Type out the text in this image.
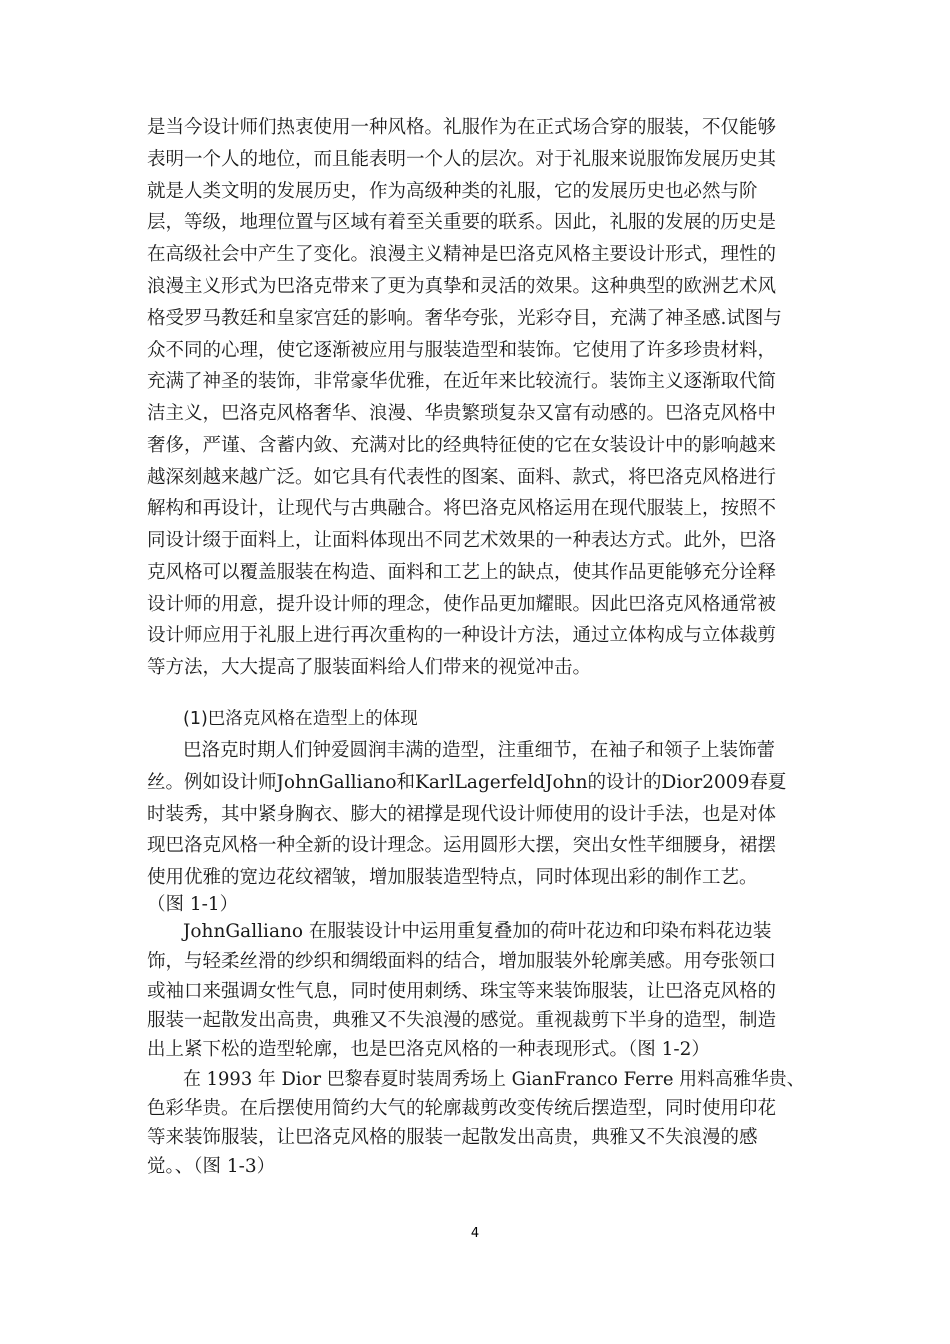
是当今设计师们热衷使用一种风格。礼服作为在正式场合穿的服装，不仅能够
表明一个人的地位，而且能表明一个人的层次。对于礼服来说服饰发展历史其
就是人类文明的发展历史，作为高级种类的礼服，它的发展历史也必然与阶
层，等级，地理位置与区域有着至关重要的联系。因此，礼服的发展的历史是
在高级社会中产生了变化。浪漫主义精神是巴洛克风格主要设计形式，理性的
浪漫主义形式为巴洛克带来了更为真挚和灵活的效果。这种典型的欧洲艺术风
格受罗马教廷和皇家宫廷的影响。奢华夸张，光彩夺目，充满了神圣感.试图与
众不同的心理，使它逐渐被应用与服装造型和装饰。它使用了许多珍贵材料，
充满了神圣的装饰，非常豪华优雅，在近年来比较流行。装饰主义逐渐取代简
洁主义，巴洛克风格奢华、浪漫、华贵繁琐复杂又富有动感的。巴洛克风格中
奢侈，严谨、含蓄内敛、充满对比的经典特征使的它在女装设计中的影响越来
越深刻越来越广泛。如它具有代表性的图案、面料、款式，将巴洛克风格进行
解构和再设计，让现代与古典融合。将巴洛克风格运用在现代服装上，按照不
同设计缀于面料上，让面料体现出不同艺术效果的一种表达方式。此外，巴洛
克风格可以覆盖服装在构造、面料和工艺上的缺点，使其作品更能够充分诠释
设计师的用意，提升设计师的理念，使作品更加耀眼。因此巴洛克风格通常被
设计师应用于礼服上进行再次重构的一种设计方法，通过立体构成与立体裁剪
等方法，大大提高了服装面料给人们带来的视觉冲击。
(1)巴洛克风格在造型上的体现
巴洛克时期人们钟爱圆润丰满的造型，注重细节，在袖子和领子上装饰蕾
丝。例如设计师JohnGalliano和KarlLagerfeldJohn的设计的Dior2009春夏
时装秀，其中紧身胸衣、膨大的裙撑是现代设计师使用的设计手法，也是对体
现巴洛克风格一种全新的设计理念。运用圆形大摆，突出女性芊细腰身，裙摆
使用优雅的宽边花纹褶皱，增加服装造型特点，同时体现出彩的制作工艺。
（图 1-1）
JohnGalliano 在服装设计中运用重复叠加的荷叶花边和印染布料花边装
饰，与轻柔丝滑的纱织和绸缎面料的结合，增加服装外轮廓美感。用夸张领口
或袖口来强调女性气息，同时使用刺绣、珠宝等来装饰服装，让巴洛克风格的
服装一起散发出高贵，典雅又不失浪漫的感觉。重视裁剪下半身的造型，制造
出上紧下松的造型轮廓，也是巴洛克风格的一种表现形式。（图 1-2）
在 1993 年 Dior 巴黎春夏时装周秀场上 GianFranco Ferre 用料高雅华贵、
色彩华贵。在后摆使用简约大气的轮廓裁剪改变传统后摆造型，同时使用印花
等来装饰服装，让巴洛克风格的服装一起散发出高贵，典雅又不失浪漫的感
觉。、（图 1-3）
4
